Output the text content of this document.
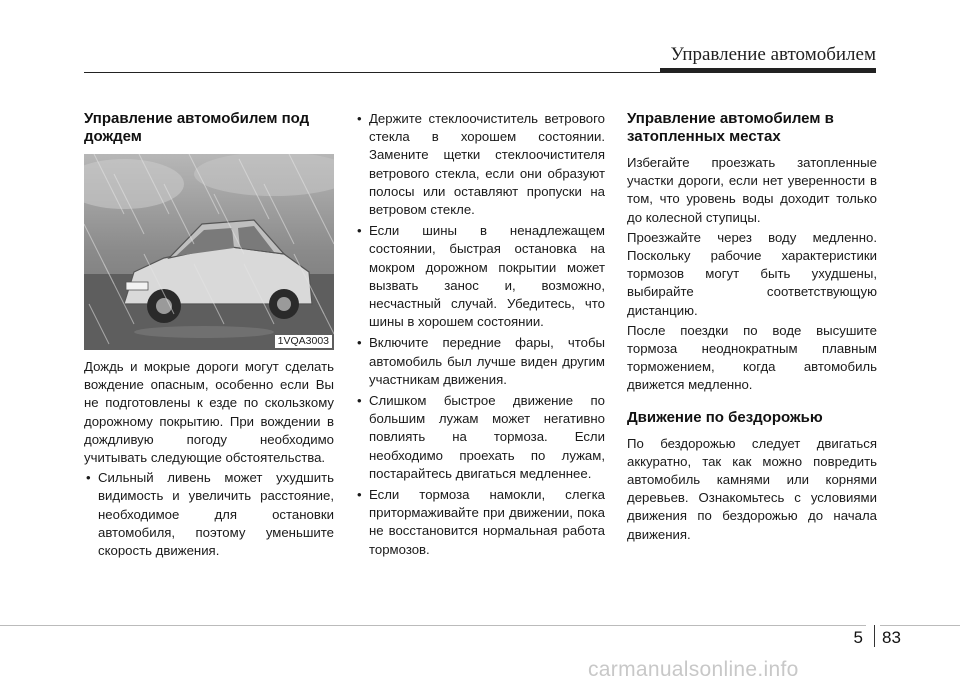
Управление автомобилем
Управление автомобилем под дождем
1VQA3003

Дождь и мокрые дороги могут сделать вождение опасным, особенно если Вы не подготовлены к езде по скользкому дорожному покрытию. При вождении в дождливую погоду необходимо учитывать следующие обстоятельства.

• Сильный ливень может ухудшить видимость и увеличить расстояние, необходимое для остановки автомобиля, поэтому уменьшите скорость движения.
• Держите стеклоочиститель ветрового стекла в хорошем состоянии. Замените щетки стеклоочистителя ветрового стекла, если они образуют полосы или оставляют пропуски на ветровом стекле.
• Если шины в ненадлежащем состоянии, быстрая остановка на мокром дорожном покрытии может вызвать занос и, возможно, несчастный случай. Убедитесь, что шины в хорошем состоянии.
• Включите передние фары, чтобы автомобиль был лучше виден другим участникам движения.
• Слишком быстрое движение по большим лужам может негативно повлиять на тормоза. Если необходимо проехать по лужам, постарайтесь двигаться медленнее.
• Если тормоза намокли, слегка притормаживайте при движении, пока не восстановится нормальная работа тормозов.
Управление автомобилем в затопленных местах

Избегайте проезжать затопленные участки дороги, если нет уверенности в том, что уровень воды доходит только до колесной ступицы.

Проезжайте через воду медленно. Поскольку рабочие характеристики тормозов могут быть ухудшены, выбирайте соответствующую дистанцию.

После поездки по воде высушите тормоза неоднократным плавным торможением, когда автомобиль движется медленно.

Движение по бездорожью

По бездорожью следует двигаться аккуратно, так как можно повредить автомобиль камнями или корнями деревьев. Ознакомьтесь с условиями движения по бездорожью до начала движения.

5 83
carmanualsonline.info
